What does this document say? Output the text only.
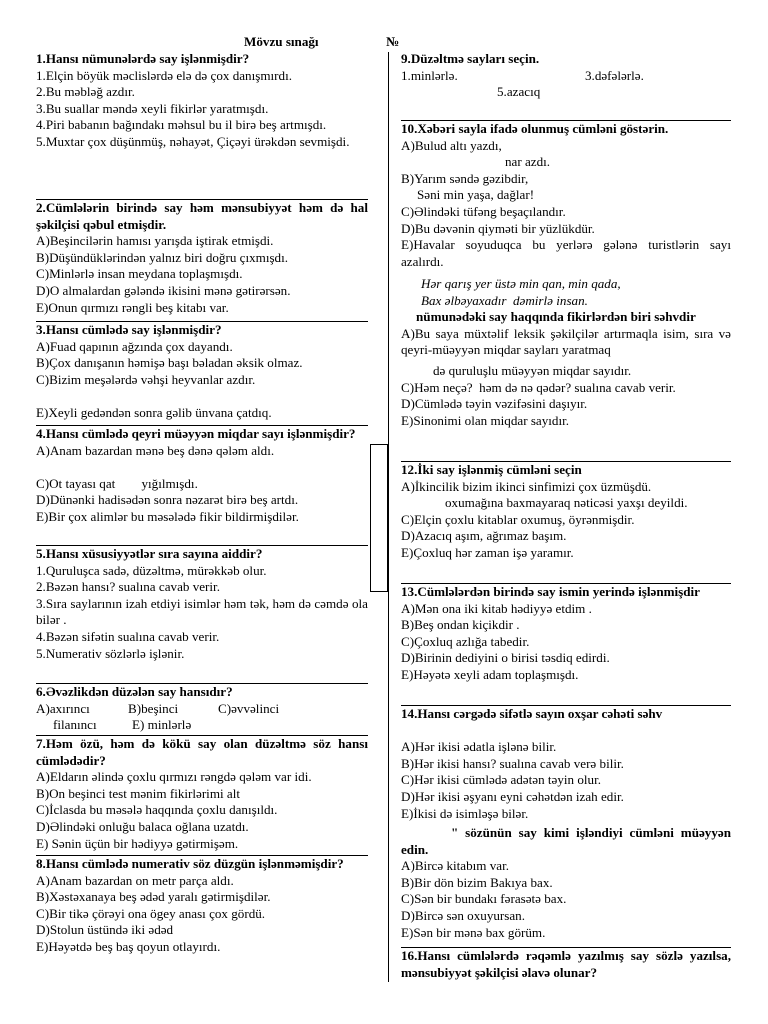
Mövzu sınağı	№
1.Hansı nümunələrdə say işlənmişdir?
1.Elçin böyük məclislərdə elə də çox danışmırdı.
2.Bu məbləğ azdır.
3.Bu suallar məndə xeyli fikirlər yaratmışdı.
4.Piri babanın bağındakı məhsul bu il birə beş artmışdı.
5.Muxtar çox düşünmüş, nəhayət, Çiçəyi ürəkdən sevmişdi.
2.Cümlələrin birində say həm mənsubiyyət həm də hal şəkilçisi qəbul etmişdir.
A)Beşincilərin hamısı yarışda iştirak etmişdi.
B)Düşündüklərindən yalnız biri doğru çıxmışdı.
C)Minlərlə insan meydana toplaşmışdı.
D)O almalardan gələndə ikisini mənə gətirərsən.
E)Onun qırmızı rəngli beş kitabı var.
3.Hansı cümlədə say işlənmişdir?
A)Fuad qapının ağzında çox dayandı.
B)Çox danışanın həmişə başı bəladan əksik olmaz.
C)Bizim meşələrdə vəhşi heyvanlar azdır.
E)Xeyli gedəndən sonra gəlib ünvana çatdıq.
4.Hansı cümlədə qeyri müəyyən miqdar sayı işlənmişdir?
A)Anam bazardan mənə beş dənə qələm aldı.
C)Ot tayası qat        yığılmışdı.
D)Dünənki hadisədən sonra nəzarət birə beş artdı.
E)Bir çox alimlər bu məsələdə fikir bildirmişdilər.
5.Hansı xüsusiyyətlər sıra sayına aiddir?
1.Quruluşca sadə, düzəltmə, mürəkkəb olur.
2.Bəzən hansı? sualına cavab verir.
3.Sıra saylarının izah etdiyi isimlər həm tək, həm də cəmdə ola bilər .
4.Bəzən sifətin sualına cavab verir.
5.Numerativ sözlərlə işlənir.
6.Əvəzlikdən düzələn say hansıdır?
A)axırıncı	B)beşinci	C)əvvəlinci
filanıncı	E) minlərlə
7.Həm özü, həm də kökü say olan düzəltmə söz hansı cümlədədir?
A)Eldarın əlində çoxlu qırmızı rəngdə qələm var idi.
B)On beşinci test mənim fikirlərimi alt
C)İclasda bu məsələ haqqında çoxlu danışıldı.
D)Əlindəki onluğu balaca oğlana uzatdı.
E) Sənin üçün bir hədiyyə gətirmişəm.
8.Hansı cümlədə numerativ söz düzgün işlənməmişdir?
A)Anam bazardan on metr parça aldı.
B)Xəstəxanaya beş ədəd yaralı gətirmişdilər.
C)Bir tikə çörəyi ona ögey anası çox gördü.
D)Stolun üstündə iki ədəd
E)Həyətdə beş baş qoyun otlayırdı.
9.Düzəltmə sayları seçin.
1.minlərlə.	3.dəfələrlə.
5.azacıq
10.Xəbəri sayla ifadə olunmuş cümləni göstərin.
A)Bulud altı yazdı,
nar azdı.
B)Yarım səndə gəzibdir,
Səni min yaşa, dağlar!
C)Əlindəki tüfəng beşaçılandır.
D)Bu dəvənin qiyməti bir yüzlükdür.
E)Havalar soyuduqca bu yerlərə gələnə turistlərin sayı azalırdı.
Hər qarış yer üstə min qan, min qada,
Bax əlbəyaxadır  dəmirlə insan.
nümunədəki say haqqında fikirlərdən biri səhvdir
A)Bu saya müxtəlif leksik şəkilçilər artırmaqla isim, sıra və qeyri-müəyyən miqdar sayları yaratmaq
də quruluşlu müəyyən miqdar sayıdır.
C)Həm neçə?  həm də nə qədər? sualına cavab verir.
D)Cümlədə təyin vəzifəsini daşıyır.
E)Sinonimi olan miqdar sayıdır.
12.İki say işlənmiş cümləni seçin
A)İkincilik bizim ikinci sinfimizi çox üzmüşdü.
oxumağına baxmayaraq nəticəsi yaxşı deyildi.
C)Elçin çoxlu kitablar oxumuş, öyrənmişdir.
D)Azacıq aşım, ağrımaz başım.
E)Çoxluq hər zaman işə yaramır.
13.Cümlələrdən birində say ismin yerində işlənmişdir
A)Mən ona iki kitab hədiyyə etdim .
B)Beş ondan kiçikdir .
C)Çoxluq azlığa tabedir.
D)Birinin dediyini o birisi təsdiq edirdi.
E)Həyətə xeyli adam toplaşmışdı.
14.Hansı cərgədə sifətlə sayın oxşar cəhəti səhv
A)Hər ikisi ədatla işlənə bilir.
B)Hər ikisi hansı? sualına cavab verə bilir.
C)Hər ikisi cümlədə adətən təyin olur.
D)Hər ikisi əşyanı eyni cəhətdən izah edir.
E)İkisi də isimləşə bilər.
" sözünün say kimi işləndiyi cümləni müəyyən edin.
A)Bircə kitabım var.
B)Bir dön bizim Bakıya bax.
C)Sən bir bundakı fərasətə bax.
D)Bircə sən oxuyursan.
E)Sən bir mənə bax görüm.
16.Hansı cümlələrdə rəqəmlə yazılmış say sözlə yazılsa, mənsubiyyət şəkilçisi əlavə olunar?
